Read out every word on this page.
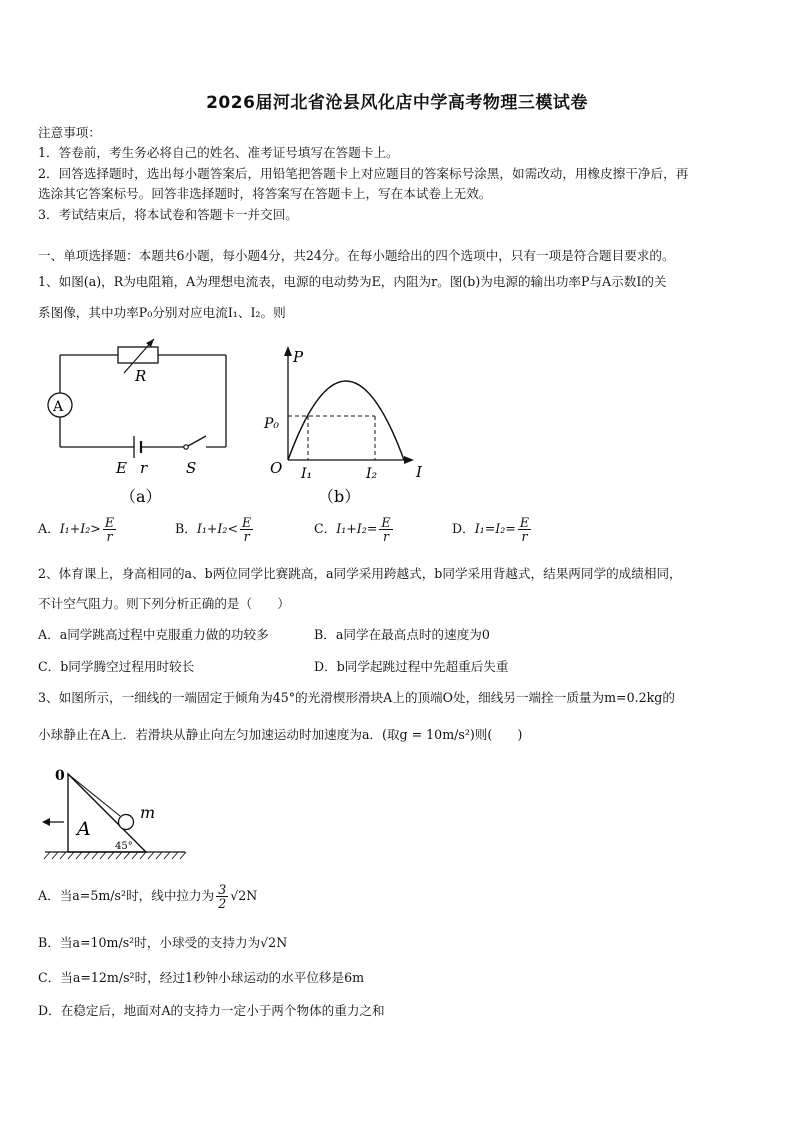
2026届河北省沧县风化店中学高考物理三模试卷
注意事项：
1．答卷前，考生务必将自己的姓名、准考证号填写在答题卡上。
2．回答选择题时，选出每小题答案后，用铅笔把答题卡上对应题目的答案标号涂黑，如需改动，用橡皮擦干净后，再
选涂其它答案标号。回答非选择题时，将答案写在答题卡上，写在本试卷上无效。
3．考试结束后，将本试卷和答题卡一并交回。
一、单项选择题：本题共6小题，每小题4分，共24分。在每小题给出的四个选项中，只有一项是符合题目要求的。
1、如图(a)，R为电阻箱，A为理想电流表，电源的电动势为E，内阻为r。图(b)为电源的输出功率P与A示数I的关
系图像，其中功率P₀分别对应电流I₁、I₂。则
R
A
E r	S
（a）
P
P₀
O I₁	I₂	I
（b）
A．$I_1+I_2> \frac{E}{r}$	B．$I_1+I_2< \frac{E}{r}$	C．$I_1+I_2= \frac{E}{r}$	D．$I_1=I_2= \frac{E}{r}$
2、体育课上，身高相同的a、b两位同学比赛跳高，a同学采用跨越式，b同学采用背越式，结果两同学的成绩相同，
不计空气阻力。则下列分析正确的是（　　）
A．a同学跳高过程中克服重力做的功较多	B．a同学在最高点时的速度为0
C．b同学腾空过程用时较长	D．b同学起跳过程中先超重后失重
3、如图所示，一细线的一端固定于倾角为45°的光滑楔形滑块A上的顶端O处，细线另一端拴一质量为m=0.2kg的
小球静止在A上．若滑块从静止向左匀加速运动时加速度为a．(取g = 10m/s²)则(　　)
0
A
m
45°
A．当a=5m/s²时，线中拉力为 $\frac{3}{2} √2N$
B．当a=10m/s²时，小球受的支持力为√2N
C．当a=12m/s²时，经过1秒钟小球运动的水平位移是6m
D．在稳定后，地面对A的支持力一定小于两个物体的重力之和
